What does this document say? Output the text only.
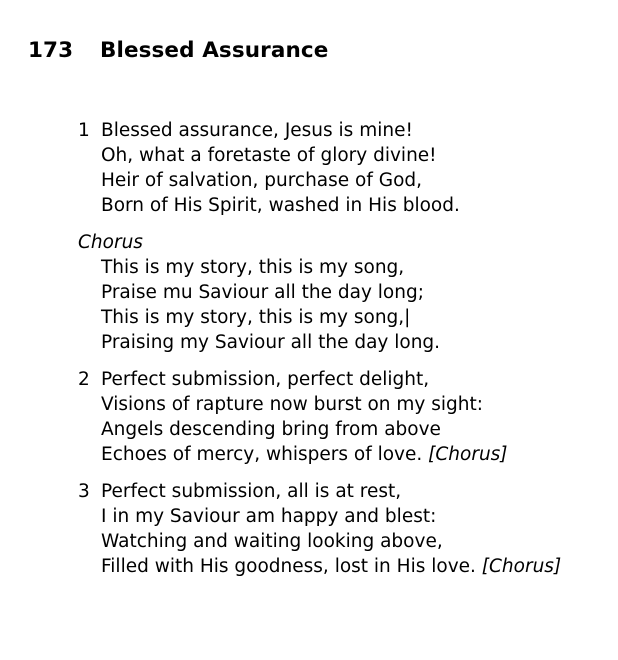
173 Blessed Assurance
1 Blessed assurance, Jesus is mine!
Oh, what a foretaste of glory divine!
Heir of salvation, purchase of God,
Born of His Spirit, washed in His blood.
Chorus
This is my story, this is my song,
Praise mu Saviour all the day long;
This is my story, this is my song,|
Praising my Saviour all the day long.
2 Perfect submission, perfect delight,
Visions of rapture now burst on my sight:
Angels descending bring from above
Echoes of mercy, whispers of love. [Chorus]
3 Perfect submission, all is at rest,
I in my Saviour am happy and blest:
Watching and waiting looking above,
Filled with His goodness, lost in His love. [Chorus]
